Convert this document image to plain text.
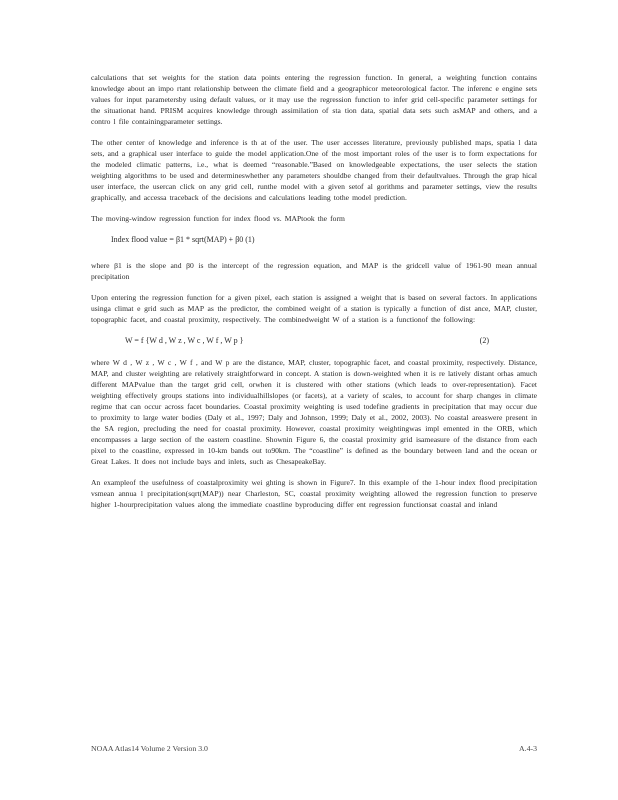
calculations that set weights for the station data points entering the regression function. In general, a weighting function contains knowledge about an impo rtant relationship between the climate field and a geographicor meteorological factor. The inferenc e engine sets values for input parametersby using default values, or it may use the regression function to infer grid cell-specific parameter settings for the situationat hand. PRISM acquires knowledge through assimilation of sta tion data, spatial data sets such asMAP and others, and a contro l file containingparameter settings.

The other center of knowledge and inference is th at of the user. The user accesses literature, previously published maps, spatia l data sets, and a graphical user interface to guide the model application.One of the most important roles of the user is to form expectations for the modeled climatic patterns, i.e., what is deemed “reasonable.”Based on knowledgeable expectations, the user selects the station weighting algorithms to be used and determineswhether any parameters shouldbe changed from their defaultvalues. Through the grap hical user interface, the usercan click on any grid cell, runthe model with a given setof al gorithms and parameter settings, view the results graphically, and accessa traceback of the decisions and calculations leading tothe model prediction.

The moving-window regression function for index flood vs. MAPtook the form

Index flood value = β1 * sqrt(MAP) + β0 (1)

where β1 is the slope and β0 is the intercept of the regression equation, and MAP is the gridcell value of 1961-90 mean annual precipitation

Upon entering the regression function for a given pixel, each station is assigned a weight that is based on several factors. In applications usinga climat e grid such as MAP as the predictor, the combined weight of a station is typically a function of dist ance, MAP, cluster, topographic facet, and coastal proximity, respectively. The combinedweight W of a station is a functionof the following:

W = f {W d , W z , W c , W f , W p }	(2)

where W d , W z , W c , W f , and W p are the distance, MAP, cluster, topographic facet, and coastal proximity, respectively. Distance, MAP, and cluster weighting are relatively straightforward in concept. A station is down-weighted when it is re latively distant orhas amuch different MAPvalue than the target grid cell, orwhen it is clustered with other stations (which leads to over-representation). Facet weighting effectively groups stations into individualhillslopes (or facets), at a variety of scales, to account for sharp changes in climate regime that can occur across facet boundaries. Coastal proximity weighting is used todefine gradients in precipitation that may occur due to proximity to large water bodies (Daly et al., 1997; Daly and Johnson, 1999; Daly et al., 2002, 2003). No coastal areaswere present in the SA region, precluding the need for coastal proximity. However, coastal proximity weightingwas impl emented in the ORB, which encompasses a large section of the eastern coastline. Shownin Figure 6, the coastal proximity grid isameasure of the distance from each pixel to the coastline, expressed in 10-km bands out to90km. The “coastline” is defined as the boundary between land and the ocean or Great Lakes. It does not include bays and inlets, such as ChesapeakeBay.

An exampleof the usefulness of coastalproximity wei ghting is shown in Figure7. In this example of the 1-hour index flood precipitation vsmean annua l precipitation(sqrt(MAP)) near Charleston, SC, coastal proximity weighting allowed the regression function to preserve higher 1-hourprecipitation values along the immediate coastline byproducing differ ent regression functionsat coastal and inland

NOAA Atlas14 Volume 2 Version 3.0	A.4-3
